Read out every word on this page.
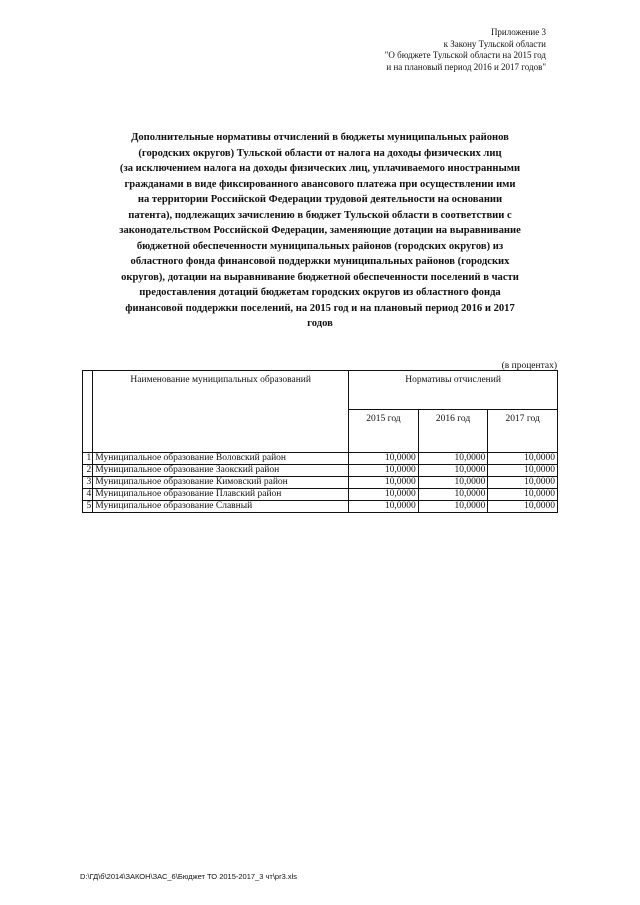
Приложение 3
к Закону Тульской области
"О бюджете Тульской области на 2015 год
и на плановый период 2016 и 2017 годов"
Дополнительные нормативы отчислений в бюджеты муниципальных районов
(городских округов) Тульской области от налога на доходы физических лиц
(за исключением налога на доходы физических лиц, уплачиваемого иностранными
гражданами в виде фиксированного авансового платежа при осуществлении ими
на территории Российской Федерации трудовой деятельности на основании
патента), подлежащих зачислению в бюджет Тульской области в соответствии с
законодательством Российской Федерации, заменяющие дотации на выравнивание
бюджетной обеспеченности муниципальных районов (городских округов) из
областного фонда финансовой поддержки муниципальных районов (городских
округов), дотации на выравнивание бюджетной обеспеченности поселений в части
предоставления дотаций бюджетам городских округов из областного фонда
финансовой поддержки поселений, на 2015 год и на плановый период 2016 и 2017
годов
(в процентах)
	Наименование муниципальных образований	Нормативы отчислений		
		2015 год	2016 год	2017 год
1	Муниципальное образование Воловский район	10,0000	10,0000	10,0000
2	Муниципальное образование Заокский район	10,0000	10,0000	10,0000
3	Муниципальное образование Кимовский район	10,0000	10,0000	10,0000
4	Муниципальное образование Плавский район	10,0000	10,0000	10,0000
5	Муниципальное образование Славный	10,0000	10,0000	10,0000
D:\ГД\б\2014\ЗАКОН\ЗАС_6\Бюджет ТО 2015-2017_3 чт\pr3.xls
